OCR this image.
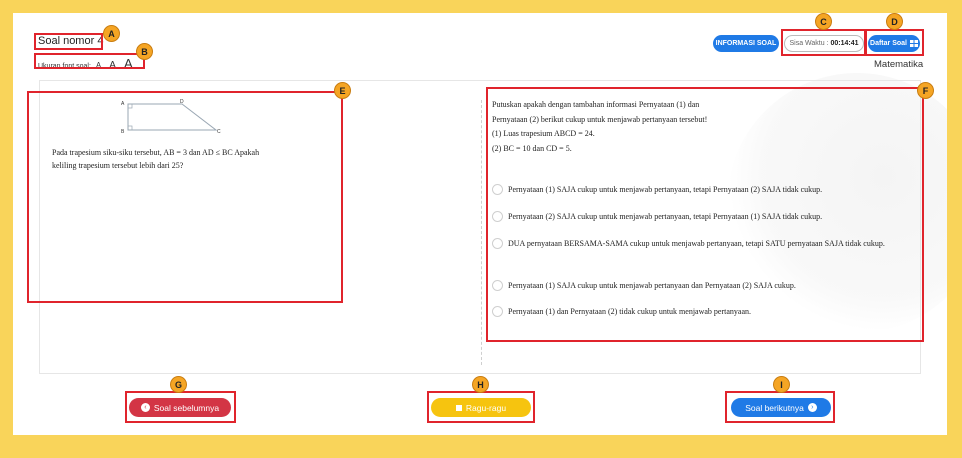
Soal nomor 4
A
Ukuran font soal: A A A
B
INFORMASI SOAL	Sisa Waktu : 00:14:41
C
Daftar Soal
D
Matematika
E
A	D
B	C
Pada trapesium siku-siku tersebut, AB = 3 dan AD ≤ BC Apakah
keliling trapesium tersebut lebih dari 25?
F
Putuskan apakah dengan tambahan informasi Pernyataan (1) dan
Pernyataan (2) berikut cukup untuk menjawab pertanyaan tersebut!
(1) Luas trapesium ABCD = 24.
(2) BC = 10 dan CD = 5.
Pernyataan (1) SAJA cukup untuk menjawab pertanyaan, tetapi Pernyataan (2) SAJA tidak cukup.
Pernyataan (2) SAJA cukup untuk menjawab pertanyaan, tetapi Pernyataan (1) SAJA tidak cukup.
DUA pernyataan BERSAMA-SAMA cukup untuk menjawab pertanyaan, tetapi SATU pernyataan SAJA tidak cukup.
Pernyataan (1) SAJA cukup untuk menjawab pertanyaan dan Pernyataan (2) SAJA cukup.
Pernyataan (1) dan Pernyataan (2) tidak cukup untuk menjawab pertanyaan.
‹ Soal sebelumnya
G
Ragu-ragu
H
Soal berikutnya	›
I
